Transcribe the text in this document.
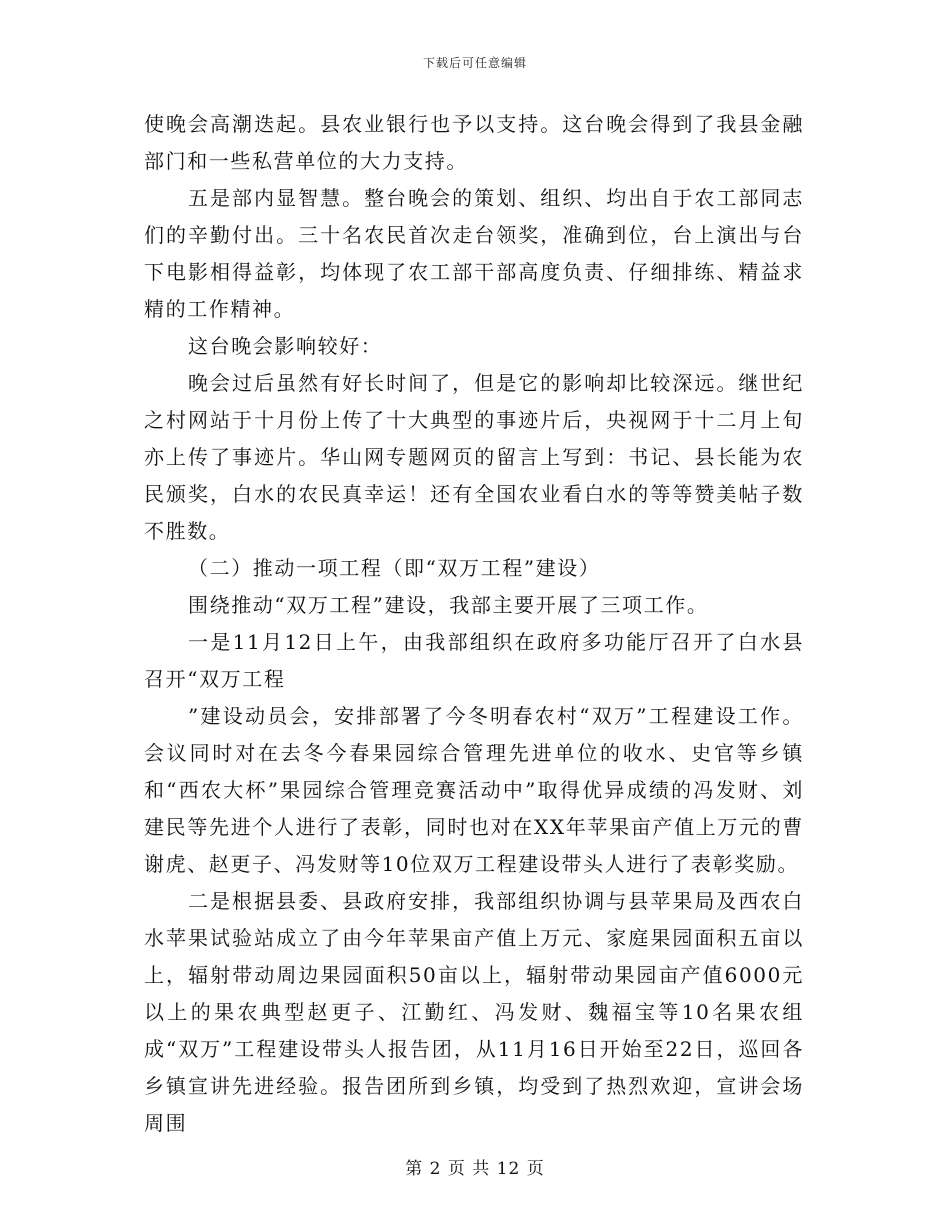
下载后可任意编辑

使晚会高潮迭起。县农业银行也予以支持。这台晚会得到了我县金融部门和一些私营单位的大力支持。

五是部内显智慧。整台晚会的策划、组织、均出自于农工部同志们的辛勤付出。三十名农民首次走台领奖，准确到位，台上演出与台下电影相得益彰，均体现了农工部干部高度负责、仔细排练、精益求精的工作精神。

这台晚会影响较好：

晚会过后虽然有好长时间了，但是它的影响却比较深远。继世纪之村网站于十月份上传了十大典型的事迹片后，央视网于十二月上旬亦上传了事迹片。华山网专题网页的留言上写到：书记、县长能为农民颁奖，白水的农民真幸运！还有全国农业看白水的等等赞美帖子数不胜数。

（二）推动一项工程（即“双万工程”建设）

围绕推动“双万工程”建设，我部主要开展了三项工作。

一是11月12日上午，由我部组织在政府多功能厅召开了白水县召开“双万工程

”建设动员会，安排部署了今冬明春农村“双万”工程建设工作。会议同时对在去冬今春果园综合管理先进单位的收水、史官等乡镇和“西农大杯”果园综合管理竞赛活动中”取得优异成绩的冯发财、刘建民等先进个人进行了表彰，同时也对在XX年苹果亩产值上万元的曹谢虎、赵更子、冯发财等10位双万工程建设带头人进行了表彰奖励。

二是根据县委、县政府安排，我部组织协调与县苹果局及西农白水苹果试验站成立了由今年苹果亩产值上万元、家庭果园面积五亩以上，辐射带动周边果园面积50亩以上，辐射带动果园亩产值6000元以上的果农典型赵更子、江勤红、冯发财、魏福宝等10名果农组成“双万”工程建设带头人报告团，从11月16日开始至22日，巡回各乡镇宣讲先进经验。报告团所到乡镇，均受到了热烈欢迎，宣讲会场周围

第 2 页 共 12 页
